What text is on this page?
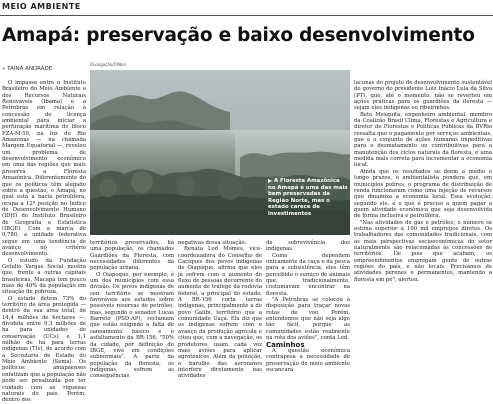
MEIO AMBIENTE
Amapá: preservação e baixo desenvolvimento
» TAINÁ ANDRADE
Divulgação/CMbio
A Floresta Amazônica no Amapá é uma das mais bem preservadas da Região Norte, mas o estado carece de investimentos

O impasse entre o Instituto Brasileiro do Meio Ambiente e dos Recursos Naturais Renováveis (Ibama) e a Petrobras em relação à concessão de licença ambiental para iniciar a perfuração marítima do bloco FZA-M-59, na foz do Rio Amazonas — na chamada Margem Equatorial —, revelou um problema de desenvolvimento econômico em uma das regiões que mais preserva a Floresta Amazônica. Diferentemente do que os políticos têm alegado sobre a questão, o Amapá, no qual está a bacia petrolífera, ocupa a 12ª posição no Índice de Desenvolvimento Humano (IDH) do Instituto Brasileiro de Geografia e Estatística (IBGE). Com a marca de 0,780, a unidade federativa segue em uma tendência de avanço no critério desenvolvimento.

O estudo da Fundação Getulio Vargas Social mostra que, frente a outras capitais brasileiras, Macapá tem pouco mais de 40% da população em situação de pobreza.

O estado detém 73% do território de área protegida — dentro da sua área total, de 14,4 milhões de hectares —, dividida entre 9,3 milhões de ha para unidades de conservação (UCs) e 1,1 milhão de ha para terras indígenas (TIs), de acordo com a Secretaria de Estado do Meio Ambiente (Sema). Os políticos amapaenses enfatizam que a população não pode ser penalizada por ter cuidado com as riquezas naturais do país. Porém, dentro dos

territórios preservados, há uma população, os chamados Guardiões da Floresta, com necessidades diferentes da população urbana.

O Oiapoque, por exemplo, é um dos municípios com essa divisão. Os povos indígenas de seu território se mostram favoráveis aos estudos sobre possíveis reservas de petróleo, mas, segundo o senador Lucas Barreto (PSD-AP), reclamam que estão exigindo a falta de saneamento básico e o asfaltamento da BR-156, "50% da cidade, por definição do IBGE, vive em condições subnormais". A parte da população da floresta, os indígenas, sofrem as consequências

negativas dessa situação.

Renata Lod Momes, vice-coordenadora do Conselho de Caciques dos povos indígenas de Oiapoque, afirma que eles já sofrem com o aumento do fluxo de pessoas decorrente do aumento de tráfego da rodovia federal, a principal do estado. A BR-156 corta terras indígenas, principalmente a do povo Galibi, território que a comunidade Uaçá. Ela diz que os indígenas sofrem com o avanço da produção agrícola e citou que, com a navegação, os produtores usam cada vez mais aviões para aplicar agrotóxicos. Além da poluição, o barulho das aeronaves interfere diretamente nas atividades

de sobrevivência dos indígenas.

Como dependem unicamente da caça e da pesca para a subsistência, eles têm percebido o sumiço de animais que, tradicionalmente, costumavam encontrar na floresta.

"A Petrobras se colocou à disposição para traçar novas rotas de voo. Porém, entendemos que não seja algo tão fácil, porque as comunidades estão realmente na rota dos aviões", conta Lod.

Caminhos

A questão econômica contrapesa a necessidade de preservação do meio ambiente escancara

lacunas do projeto de desenvolvimento sustentável do governo do presidente Luiz Inácio Lula da Silva (PT), que, até o momento, não se reverteu em ações práticas para os guardiões da floresta — sejam eles indígenas ou ribeirinhos.

Beto Mesquita, engenheiro ambiental, membro da Coalizão Brasil Clima, Florestas e Agricultura e diretor de Florestas e Políticas Públicas da BVRio ressalta que o pagamento por serviços ambientais, que é o conjunto de ações humanas impeditivas para o desmatamento ou contribuitivas para a manutenção dos ciclos naturais da floresta, é uma medida mais correta para incrementar a economia local.

Ainda que os resultados se deem a médio e longo prazos, o ambientalista pondera que, em municípios pobres, o programa de distribuição de renda funcionaram como uma injeção de recursos que dinamiza a economia local. Essa evolução, segundo ele, é o que é preciso a quem pagar a quem atividade econômica que seja desenvolvida de forma inclusiva e petrolífera.

"Nas atividades de gás e petróleo, o número se estima superior a 100 mil empregos diretos. Os trabalhadores das comunidades tradicionais, com as mais perspectivas socioeconômicas do setor naturalmente são relacionadas às concessões de territórios. De pois que acabam, os empreendimentos empregam gente de outras regiões do país, e não locais. Precisamos de atividades perenes e permanentes, mantendo a floresta em pé", alertou.
